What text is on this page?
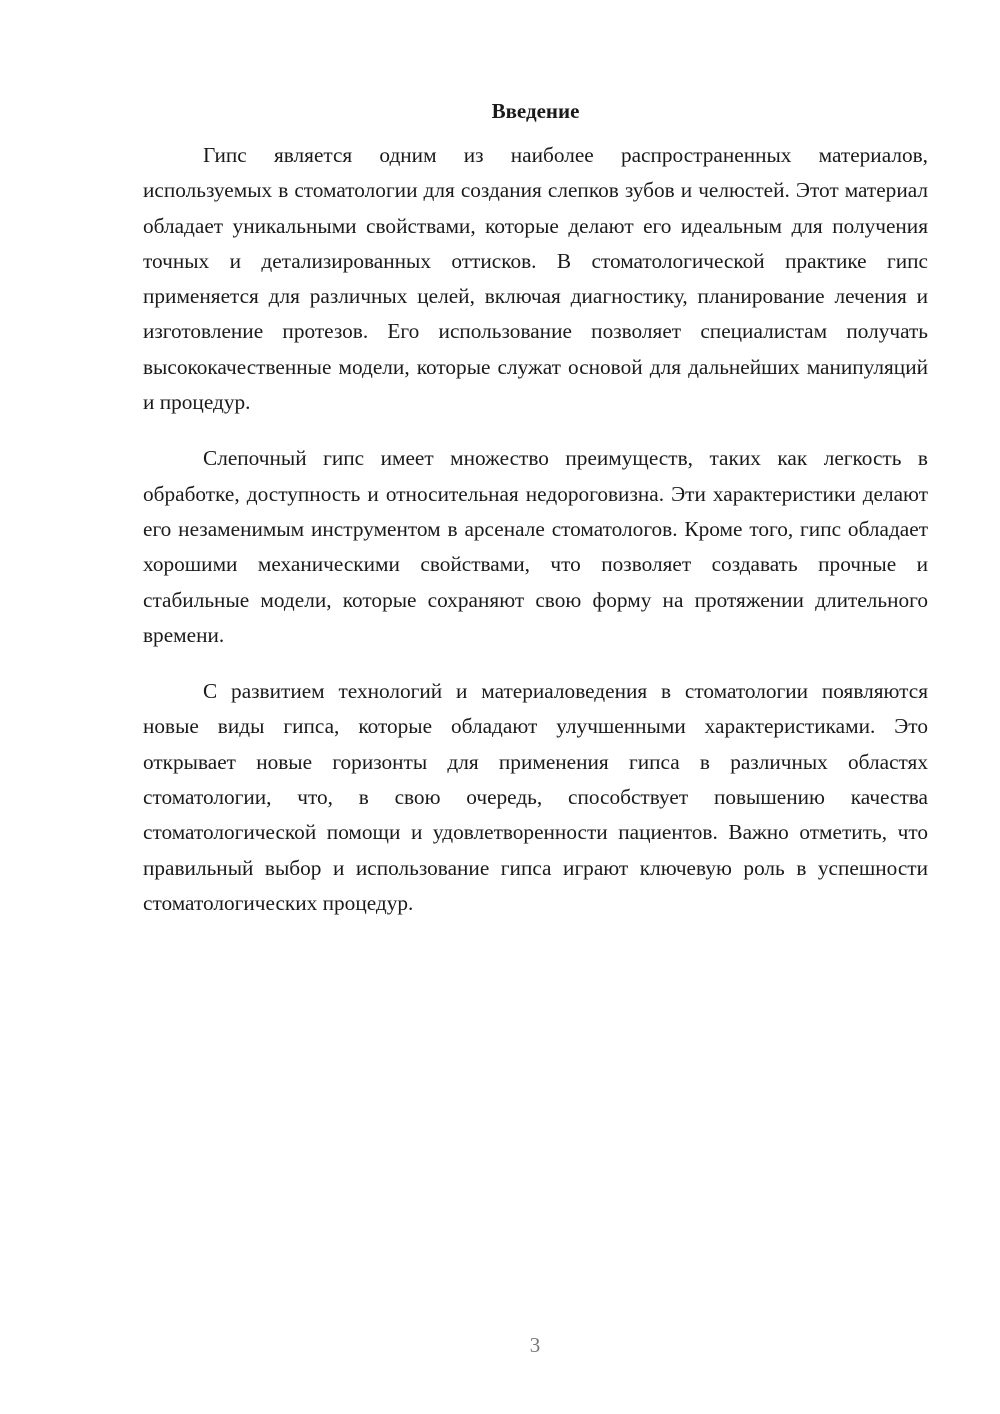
Введение

Гипс является одним из наиболее распространенных материалов, используемых в стоматологии для создания слепков зубов и челюстей. Этот материал обладает уникальными свойствами, которые делают его идеальным для получения точных и детализированных оттисков. В стоматологической практике гипс применяется для различных целей, включая диагностику, планирование лечения и изготовление протезов. Его использование позволяет специалистам получать высококачественные модели, которые служат основой для дальнейших манипуляций и процедур.

Слепочный гипс имеет множество преимуществ, таких как легкость в обработке, доступность и относительная недороговизна. Эти характеристики делают его незаменимым инструментом в арсенале стоматологов. Кроме того, гипс обладает хорошими механическими свойствами, что позволяет создавать прочные и стабильные модели, которые сохраняют свою форму на протяжении длительного времени.

С развитием технологий и материаловедения в стоматологии появляются новые виды гипса, которые обладают улучшенными характеристиками. Это открывает новые горизонты для применения гипса в различных областях стоматологии, что, в свою очередь, способствует повышению качества стоматологической помощи и удовлетворенности пациентов. Важно отметить, что правильный выбор и использование гипса играют ключевую роль в успешности стоматологических процедур.

3
